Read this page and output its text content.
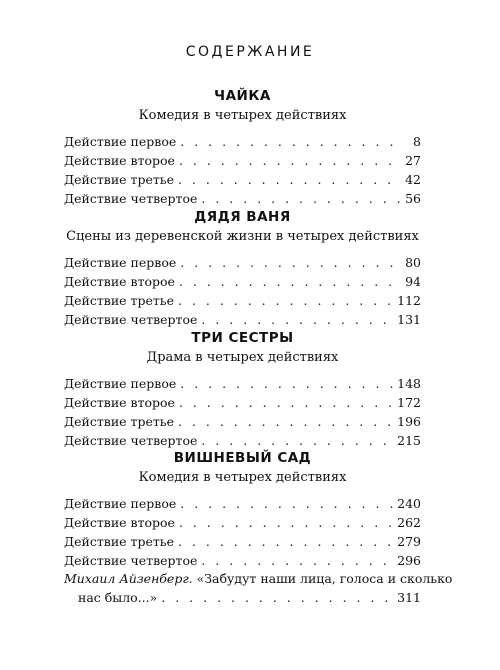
СОДЕРЖАНИЕ
ЧАЙКА
Комедия в четырех действиях
Действие первое . . .	8
Действие второе . . .	27
Действие третье . . .	42
Действие четвертое . . .	56
ДЯДЯ ВАНЯ
Сцены из деревенской жизни в четырех действиях
Действие первое . . .	80
Действие второе . . .	94
Действие третье . . .	112
Действие четвертое . . .	131
ТРИ СЕСТРЫ
Драма в четырех действиях
Действие первое . . .	148
Действие второе . . .	172
Действие третье . . .	196
Действие четвертое . . .	215
ВИШНЕВЫЙ САД
Комедия в четырех действиях
Действие первое . . .	240
Действие второе . . .	262
Действие третье . . .	279
Действие четвертое . . .	296
Михаил Айзенберг. «Забудут наши лица, голоса и сколько
нас было...» . . .	311
